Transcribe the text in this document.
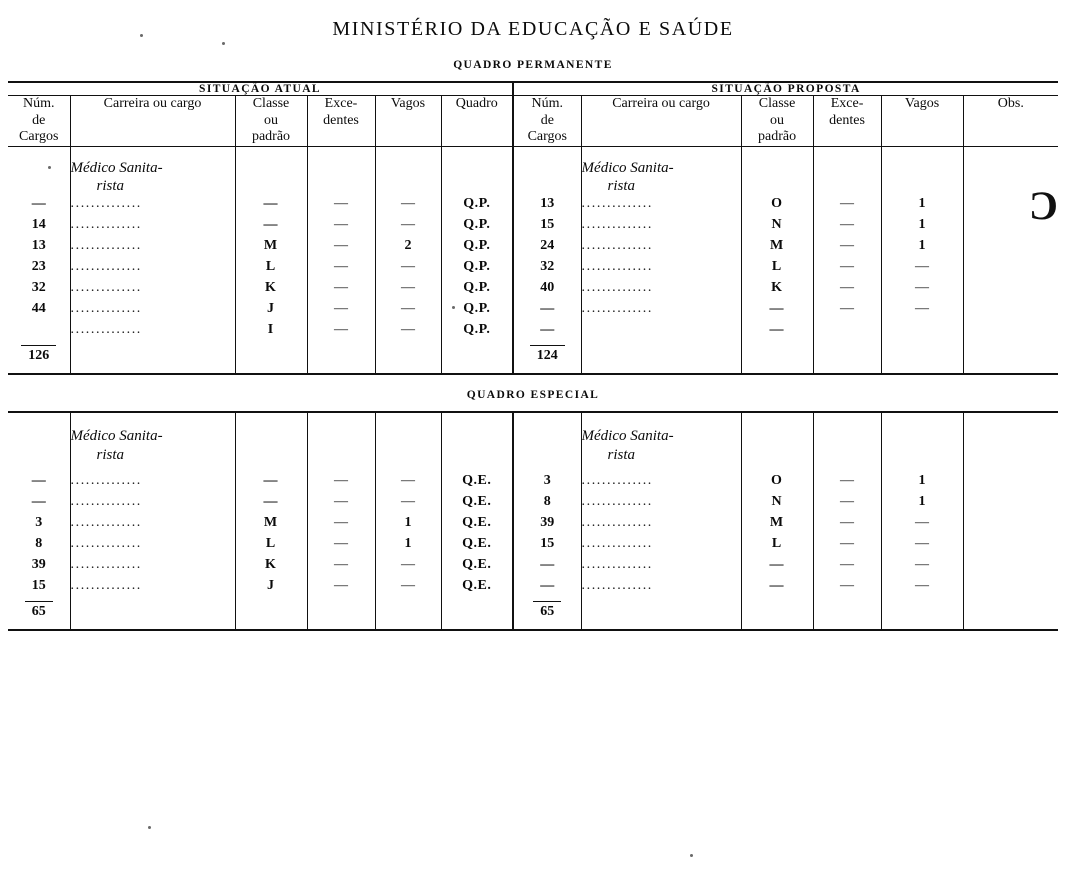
MINISTÉRIO DA EDUCAÇÃO E SAÚDE
QUADRO PERMANENTE
C
SITUAÇÃO ATUAL						SITUAÇÃO PROPOSTA					
Núm.
de
Cargos	Carreira ou cargo	Classe
ou
padrão	Exce-
dentes	Vagos	Quadro	Núm.
de
Cargos	Carreira ou cargo	Classe
ou
padrão	Exce-
dentes	Vagos	Obs.
	Médico Sanita-
rista						Médico Sanita-
rista				

—	..............	—	—	—	Q.P.	13	..............	O	—	1	
14	..............	—	—	—	Q.P.	15	..............	N	—	1	
13	..............	M	—	2	Q.P.	24	..............	M	—	1	
23	..............	L	—	—	Q.P.	32	..............	L	—	—	
32	..............	K	—	—	Q.P.	40	..............	K	—	—	
44	..............	J	—	—	Q.P.	—	..............	—	—	—	
	..............	I	—	—	Q.P.	—		—			
126						124					
QUADRO ESPECIAL
	Médico Sanita-
rista						Médico Sanita-
rista				

—	..............	—	—	—	Q.E.	3	..............	O	—	1	
—	..............	—	—	—	Q.E.	8	..............	N	—	1	
3	..............	M	—	1	Q.E.	39	..............	M	—	—	
8	..............	L	—	1	Q.E.	15	..............	L	—	—	
39	..............	K	—	—	Q.E.	—	..............	—	—	—	
15	..............	J	—	—	Q.E.	—	..............	—	—	—	
65						65					
